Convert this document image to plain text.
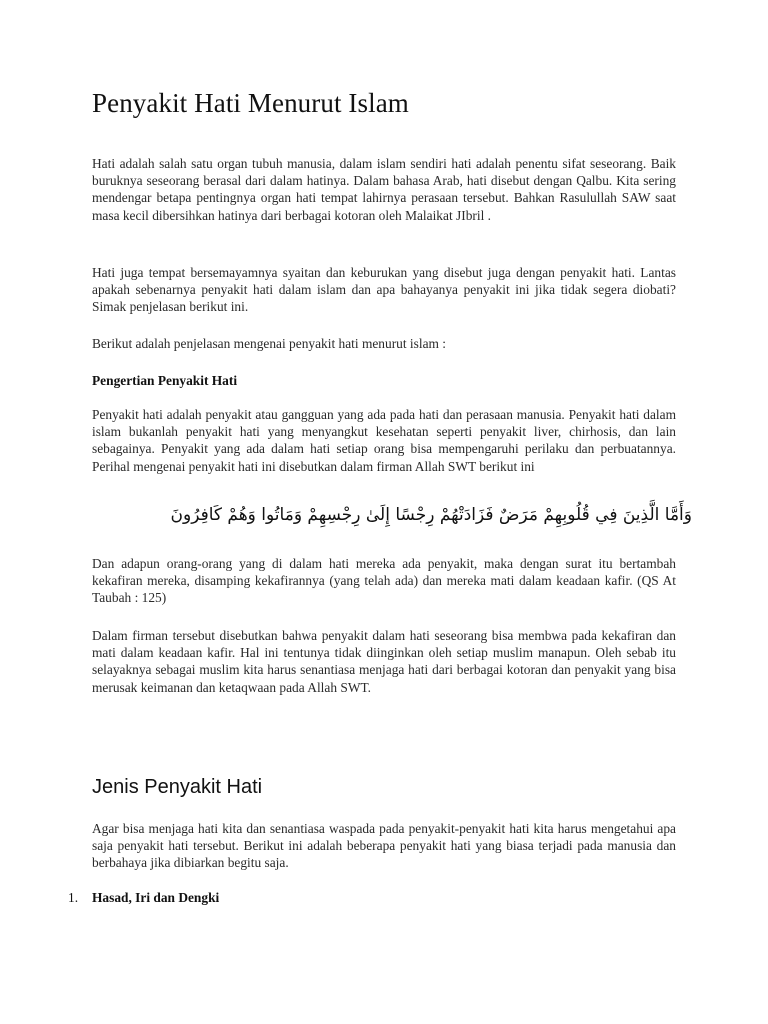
Penyakit Hati Menurut Islam

Hati adalah salah satu organ tubuh manusia, dalam islam sendiri hati adalah penentu sifat seseorang. Baik buruknya seseorang berasal dari dalam hatinya. Dalam bahasa Arab, hati disebut dengan Qalbu. Kita sering mendengar betapa pentingnya organ hati tempat lahirnya perasaan tersebut. Bahkan Rasulullah SAW saat masa kecil dibersihkan hatinya dari berbagai kotoran oleh Malaikat JIbril .

Hati juga tempat bersemayamnya syaitan dan keburukan yang disebut juga dengan penyakit hati. Lantas apakah sebenarnya penyakit hati dalam islam dan apa bahayanya penyakit ini jika tidak segera diobati? Simak penjelasan berikut ini.

Berikut adalah penjelasan mengenai penyakit hati menurut islam :

Pengertian Penyakit Hati

Penyakit hati adalah penyakit atau gangguan yang ada pada hati dan perasaan manusia. Penyakit hati dalam islam bukanlah penyakit hati yang menyangkut kesehatan seperti penyakit liver, chirhosis, dan lain sebagainya. Penyakit yang ada dalam hati setiap orang bisa mempengaruhi perilaku dan perbuatannya. Perihal mengenai penyakit hati ini disebutkan dalam firman Allah SWT berikut ini

وَأَمَّا الَّذِينَ فِي قُلُوبِهِمْ مَرَضٌ فَزَادَتْهُمْ رِجْسًا إِلَىٰ رِجْسِهِمْ وَمَاتُوا وَهُمْ كَافِرُونَ

Dan adapun orang-orang yang di dalam hati mereka ada penyakit, maka dengan surat itu bertambah kekafiran mereka, disamping kekafirannya (yang telah ada) dan mereka mati dalam keadaan kafir. (QS At Taubah : 125)

Dalam firman tersebut disebutkan bahwa penyakit dalam hati seseorang bisa membwa pada kekafiran dan mati dalam keadaan kafir. Hal ini tentunya tidak diinginkan oleh setiap muslim manapun. Oleh sebab itu selayaknya sebagai muslim kita harus senantiasa menjaga hati dari berbagai kotoran dan penyakit yang bisa merusak keimanan dan ketaqwaan pada Allah SWT.

Jenis Penyakit Hati

Agar bisa menjaga hati kita dan senantiasa waspada pada penyakit-penyakit hati kita harus mengetahui apa saja penyakit hati tersebut. Berikut ini adalah beberapa penyakit hati yang biasa terjadi pada manusia dan berbahaya jika dibiarkan begitu saja.

1. Hasad, Iri dan Dengki
